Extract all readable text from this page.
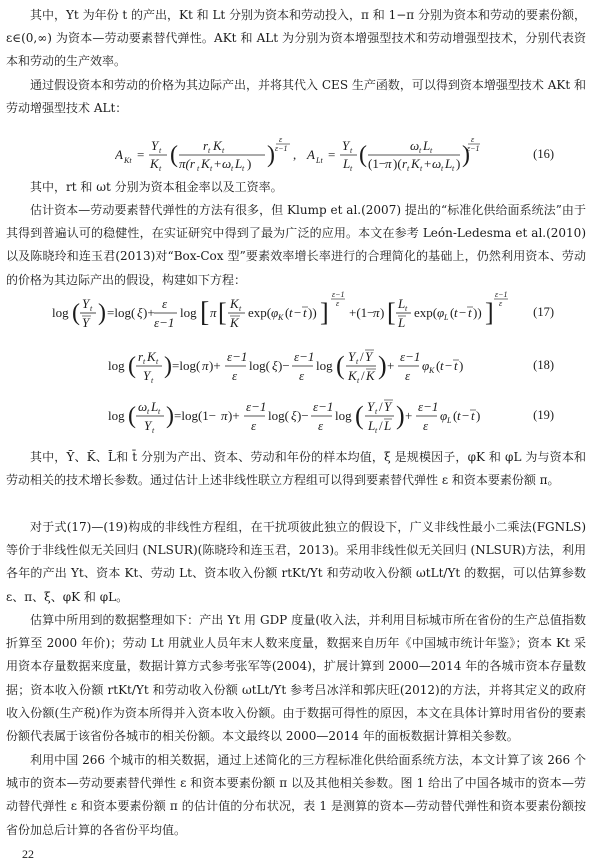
其中，Yt 为年份 t 的产出，Kt 和 Lt 分别为资本和劳动投入，π 和 1−π 分别为资本和劳动的要素份额，ε∈(0,∞) 为资本—劳动要素替代弹性。AKt 和 ALt 为分别为资本增强型技术和劳动增强型技术，分别代表资本和劳动的生产效率。

通过假设资本和劳动的价格为其边际产出，并将其代入 CES 生产函数，可以得到资本增强型技术 AKt 和劳动增强型技术 ALt：

A Kt =
Y t
K t
( r t K t
π(r t K t + ω t L t ) )
ε
ε−1 , A Lt =
Y t
L t
(	ω t L t
(1−
π )( r t K t + ω t L t ) )
ε
ε−1	(16)

其中，rt 和 ωt 分别为资本租金率以及工资率。

估计资本—劳动要素替代弹性的方法有很多，但 Klump et al.(2007) 提出的“标准化供给面系统法”由于其得到普遍认可的稳健性，在实证研究中得到了最为广泛的应用。本文在参考 León-Ledesma et al.(2010) 以及陈晓玲和连玉君(2013)对“Box-Cox 型”要素效率增长率进行的合理简化的基础上，仍然利用资本、劳动的价格为其边际产出的假设，构建如下方程：

log ( Y t
Y ) =log( ξ )+
ε
ε−1
log [ π [ K t
K
exp( φ K ( t − t )) ]
ε−1
ε
+(1−
π ) [ L t
L
exp( φ L ( t − t )) ]
ε−1
ε
(17)
log ( r t K t
Y t
) =log( π )+
ε−1
ε
log( ξ )−
ε−1
ε
log ( Y t / Y
K t / K ) +
ε−1
ε
φ K ( t − t )	(18)
log ( ω t L t
Y t
) =log(1− π )+
ε−1
ε
log( ξ )−
ε−1
ε
log ( Y t / Y
L t / L ) +
ε−1
ε
φ L ( t − t )	(19)

其中，Ȳ、K̄、L̄和 t̄ 分别为产出、资本、劳动和年份的样本均值，ξ 是规模因子，φK 和 φL 为与资本和劳动相关的技术增长参数。通过估计上述非线性联立方程组可以得到要素替代弹性 ε 和资本要素份额 π。

对于式(17)—(19)构成的非线性方程组，在干扰项彼此独立的假设下，广义非线性最小二乘法(FGNLS) 等价于非线性似无关回归 (NLSUR)(陈晓玲和连玉君，2013)。采用非线性似无关回归 (NLSUR)方法，利用各年的产出 Yt、资本 Kt、劳动 Lt、资本收入份额 rtKt/Yt 和劳动收入份额 ωtLt/Yt 的数据，可以估算参数 ε、π、ξ、φK 和 φL。

估算中所用到的数据整理如下：产出 Yt 用 GDP 度量(收入法，并利用目标城市所在省份的生产总值指数折算至 2000 年价)；劳动 Lt 用就业人员年末人数来度量，数据来自历年《中国城市统计年鉴》；资本 Kt 采用资本存量数据来度量，数据计算方式参考张军等(2004)，扩展计算到 2000—2014 年的各城市资本存量数据；资本收入份额 rtKt/Yt 和劳动收入份额 ωtLt/Yt 参考吕冰洋和郭庆旺(2012)的方法，并将其定义的政府收入份额(生产税)作为资本所得并入资本收入份额。由于数据可得性的原因，本文在具体计算时用省份的要素份额代表属于该省份各城市的相关份额。本文最终以 2000—2014 年的面板数据计算相关参数。

利用中国 266 个城市的相关数据，通过上述简化的三方程标准化供给面系统方法，本文计算了该 266 个城市的资本—劳动要素替代弹性 ε 和资本要素份额 π 以及其他相关参数。图 1 给出了中国各城市的资本—劳动替代弹性 ε 和资本要素份额 π 的估计值的分布状况，表 1 是测算的资本—劳动替代弹性和资本要素份额按省份加总后计算的各省份平均值。

22
